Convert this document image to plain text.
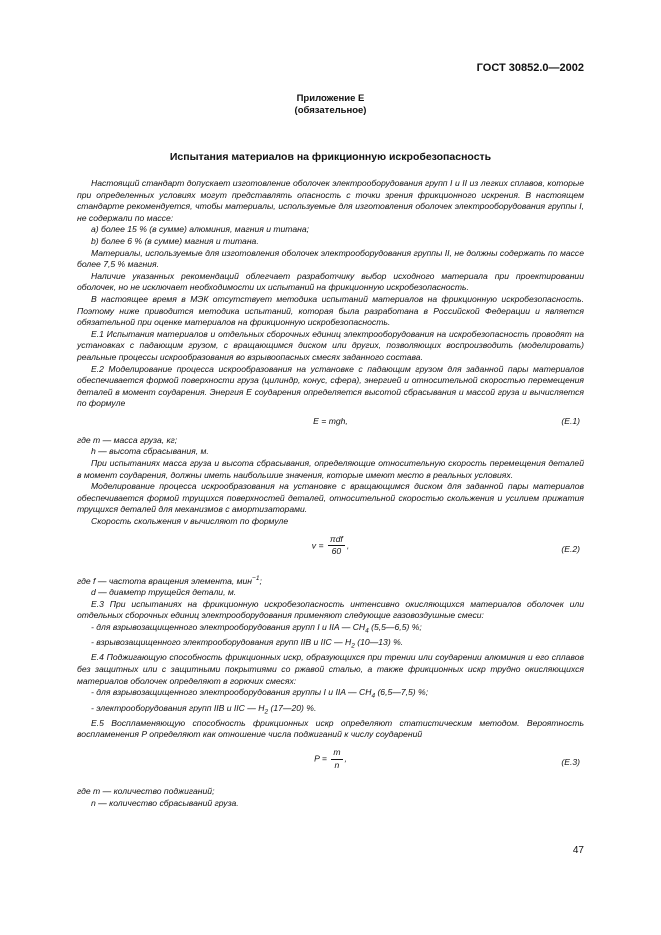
ГОСТ 30852.0—2002
Приложение Е
(обязательное)
Испытания материалов на фрикционную искробезопасность

Настоящий стандарт допускает изготовление оболочек электрооборудования групп I и II из легких сплавов, которые при определенных условиях могут представлять опасность с точки зрения фрикционного искрения. В настоящем стандарте рекомендуется, чтобы материалы, используемые для изготовления оболочек электрооборудования группы I, не содержали по массе:

a) более 15 % (в сумме) алюминия, магния и титана;

b) более 6 % (в сумме) магния и титана.

Материалы, используемые для изготовления оболочек электрооборудования группы II, не должны содержать по массе более 7,5 % магния.

Наличие указанных рекомендаций облегчает разработчику выбор исходного материала при проектировании оболочек, но не исключает необходимости их испытаний на фрикционную искробезопасность.

В настоящее время в МЭК отсутствует методика испытаний материалов на фрикционную искробезопасность. Поэтому ниже приводится методика испытаний, которая была разработана в Российской Федерации и является обязательной при оценке материалов на фрикционную искробезопасность.

Е.1 Испытания материалов и отдельных сборочных единиц электрооборудования на искробезопасность проводят на установках с падающим грузом, с вращающимся диском или других, позволяющих воспроизводить (моделировать) реальные процессы искрообразования во взрывоопасных смесях заданного состава.

Е.2 Моделирование процесса искрообразования на установке с падающим грузом для заданной пары материалов обеспечивается формой поверхности груза (цилиндр, конус, сфера), энергией и относительной скоростью перемещения деталей в момент соударения. Энергия E соударения определяется высотой сбрасывания и массой груза и вычисляется по формуле

E = mgh,	(E.1)

где m — масса груза, кг;

h — высота сбрасывания, м.

При испытаниях масса груза и высота сбрасывания, определяющие относительную скорость перемещения деталей в момент соударения, должны иметь наибольшие значения, которые имеют место в реальных условиях.

Моделирование процесса искрообразования на установке с вращающимся диском для заданной пары материалов обеспечивается формой трущихся поверхностей деталей, относительной скоростью скольжения и усилием прижатия трущихся деталей для механизмов с амортизаторами.

Скорость скольжения v вычисляют по формуле

v =
πdf
60
,	(E.2)

где f — частота вращения элемента, мин$^{-1}$;

d — диаметр трущейся детали, м.

Е.3 При испытаниях на фрикционную искробезопасность интенсивно окисляющихся материалов оболочек или отдельных сборочных единиц электрооборудования применяют следующие газовоздушные смеси:

- для взрывозащищенного электрооборудования групп I и IIA — $CH_4$ (5,5—6,5) %;

- взрывозащищенного электрооборудования групп IIB и IIC — $H_2$ (10—13) %.

Е.4 Поджигающую способность фрикционных искр, образующихся при трении или соударении алюминия и его сплавов без защитных или с защитными покрытиями со ржавой сталью, а также фрикционных искр трудно окисляющихся материалов оболочек определяют в горючих смесях:

- для взрывозащищенного электрооборудования группы I и IIA — $CH_4$ (6,5—7,5) %;

- электрооборудования групп IIB и IIC — $H_2$ (17—20) %.

Е.5 Воспламеняющую способность фрикционных искр определяют статистическим методом. Вероятность воспламенения P определяют как отношение числа поджиганий к числу соударений

$P = \frac{m}{n}$ ,	(E.3)

где m — количество поджиганий;

n — количество сбрасываний груза.

47
